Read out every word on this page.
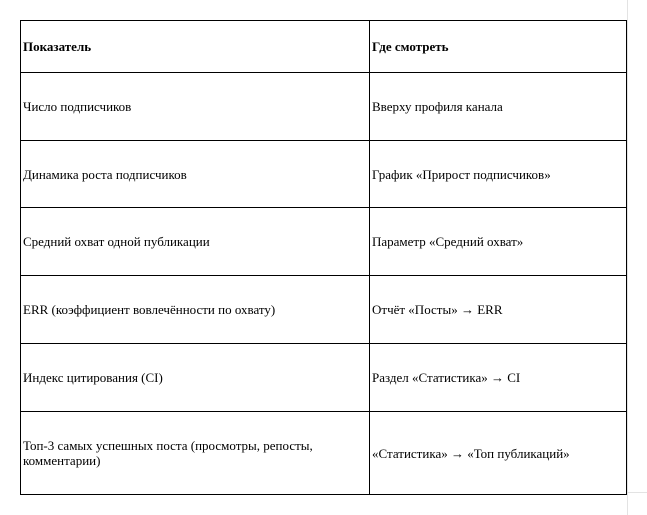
Показатель	Где смотреть
Число подписчиков	Вверху профиля канала
Динамика роста подписчиков	График «Прирост подписчиков»
Средний охват одной публикации	Параметр «Средний охват»
ERR (коэффициент вовлечённости по охвату)	Отчёт «Посты» → ERR
Индекс цитирования (CI)	Раздел «Статистика» → CI
Топ-3 самых успешных поста (просмотры, репосты, комментарии)	«Статистика» → «Топ публикаций»
